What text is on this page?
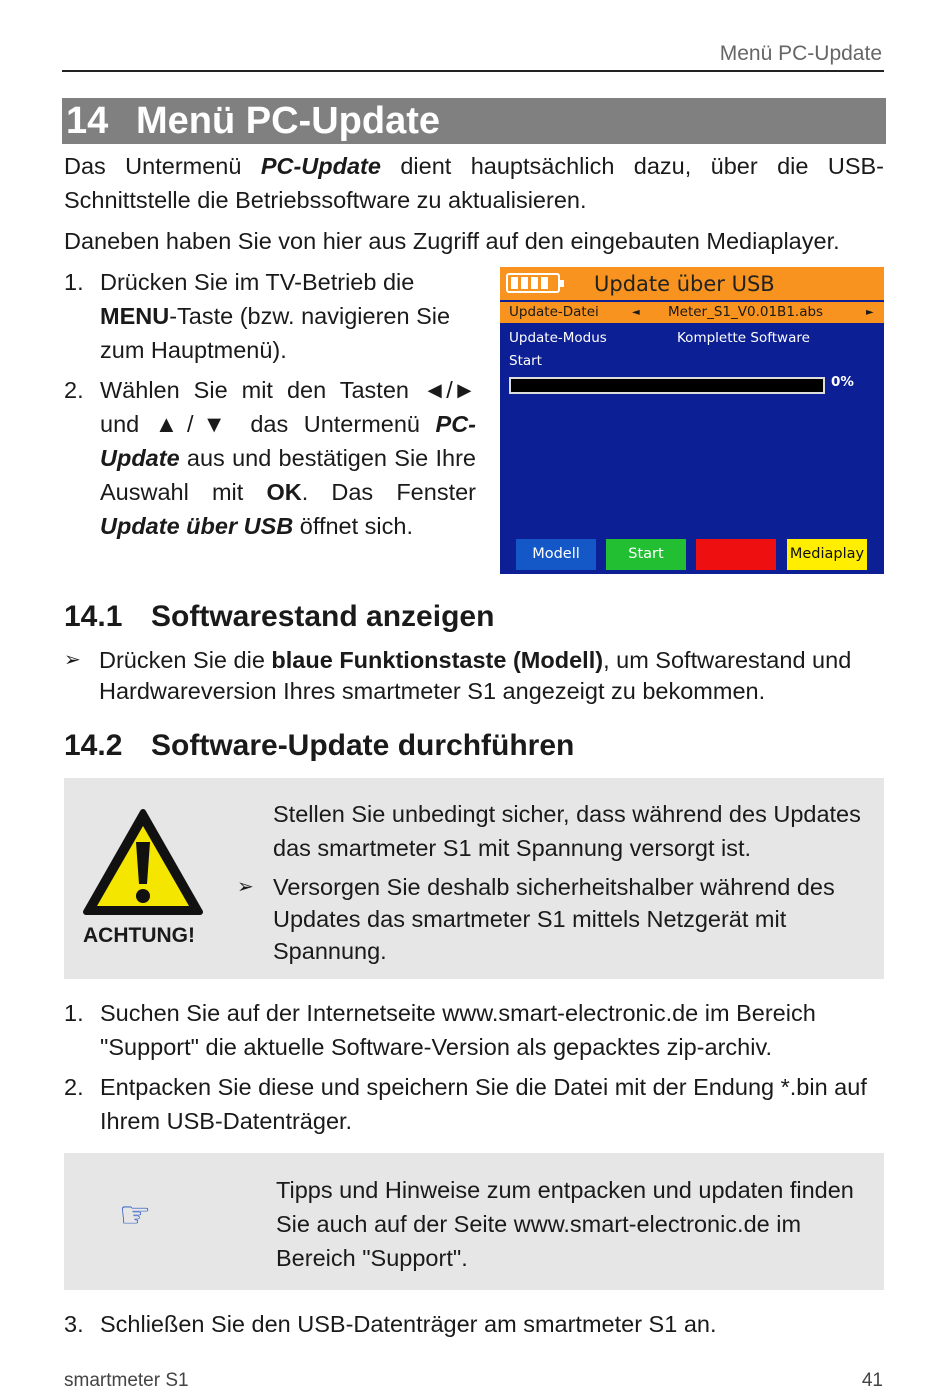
Menü PC-Update
14 Menü PC-Update
Das Untermenü PC-Update dient hauptsächlich dazu, über die USB-Schnittstelle die Betriebssoftware zu aktualisieren.
Daneben haben Sie von hier aus Zugriff auf den eingebauten Mediaplayer.
1. Drücken Sie im TV-Betrieb die MENU-Taste (bzw. navigieren Sie zum Hauptmenü).
2. Wählen Sie mit den Tasten ◄/► und ▲/▼ das Untermenü PC-Update aus und bestätigen Sie Ihre Auswahl mit OK. Das Fenster Update über USB öffnet sich.
Update über USB
Update-Datei	◄ Meter_S1_V0.01B1.abs	►
Update-Modus	Komplette Software
Start
0%
Modell	Start	Mediaplay
14.1 Softwarestand anzeigen
➢ Drücken Sie die blaue Funktionstaste (Modell), um Softwarestand und Hardwareversion Ihres smartmeter S1 angezeigt zu bekommen.
14.2 Software-Update durchführen
ACHTUNG!
Stellen Sie unbedingt sicher, dass während des Updates das smartmeter S1 mit Spannung versorgt ist.
➢ Versorgen Sie deshalb sicherheitshalber während des Updates das smartmeter S1 mittels Netzgerät mit Spannung.
1. Suchen Sie auf der Internetseite www.smart-electronic.de im Bereich "Support" die aktuelle Software-Version als gepacktes zip-archiv.
2. Entpacken Sie diese und speichern Sie die Datei mit der Endung *.bin auf Ihrem USB-Datenträger.
☞
Tipps und Hinweise zum entpacken und updaten finden Sie auch auf der Seite www.smart-electronic.de im Bereich "Support".
3. Schließen Sie den USB-Datenträger am smartmeter S1 an.
smartmeter S1	41
